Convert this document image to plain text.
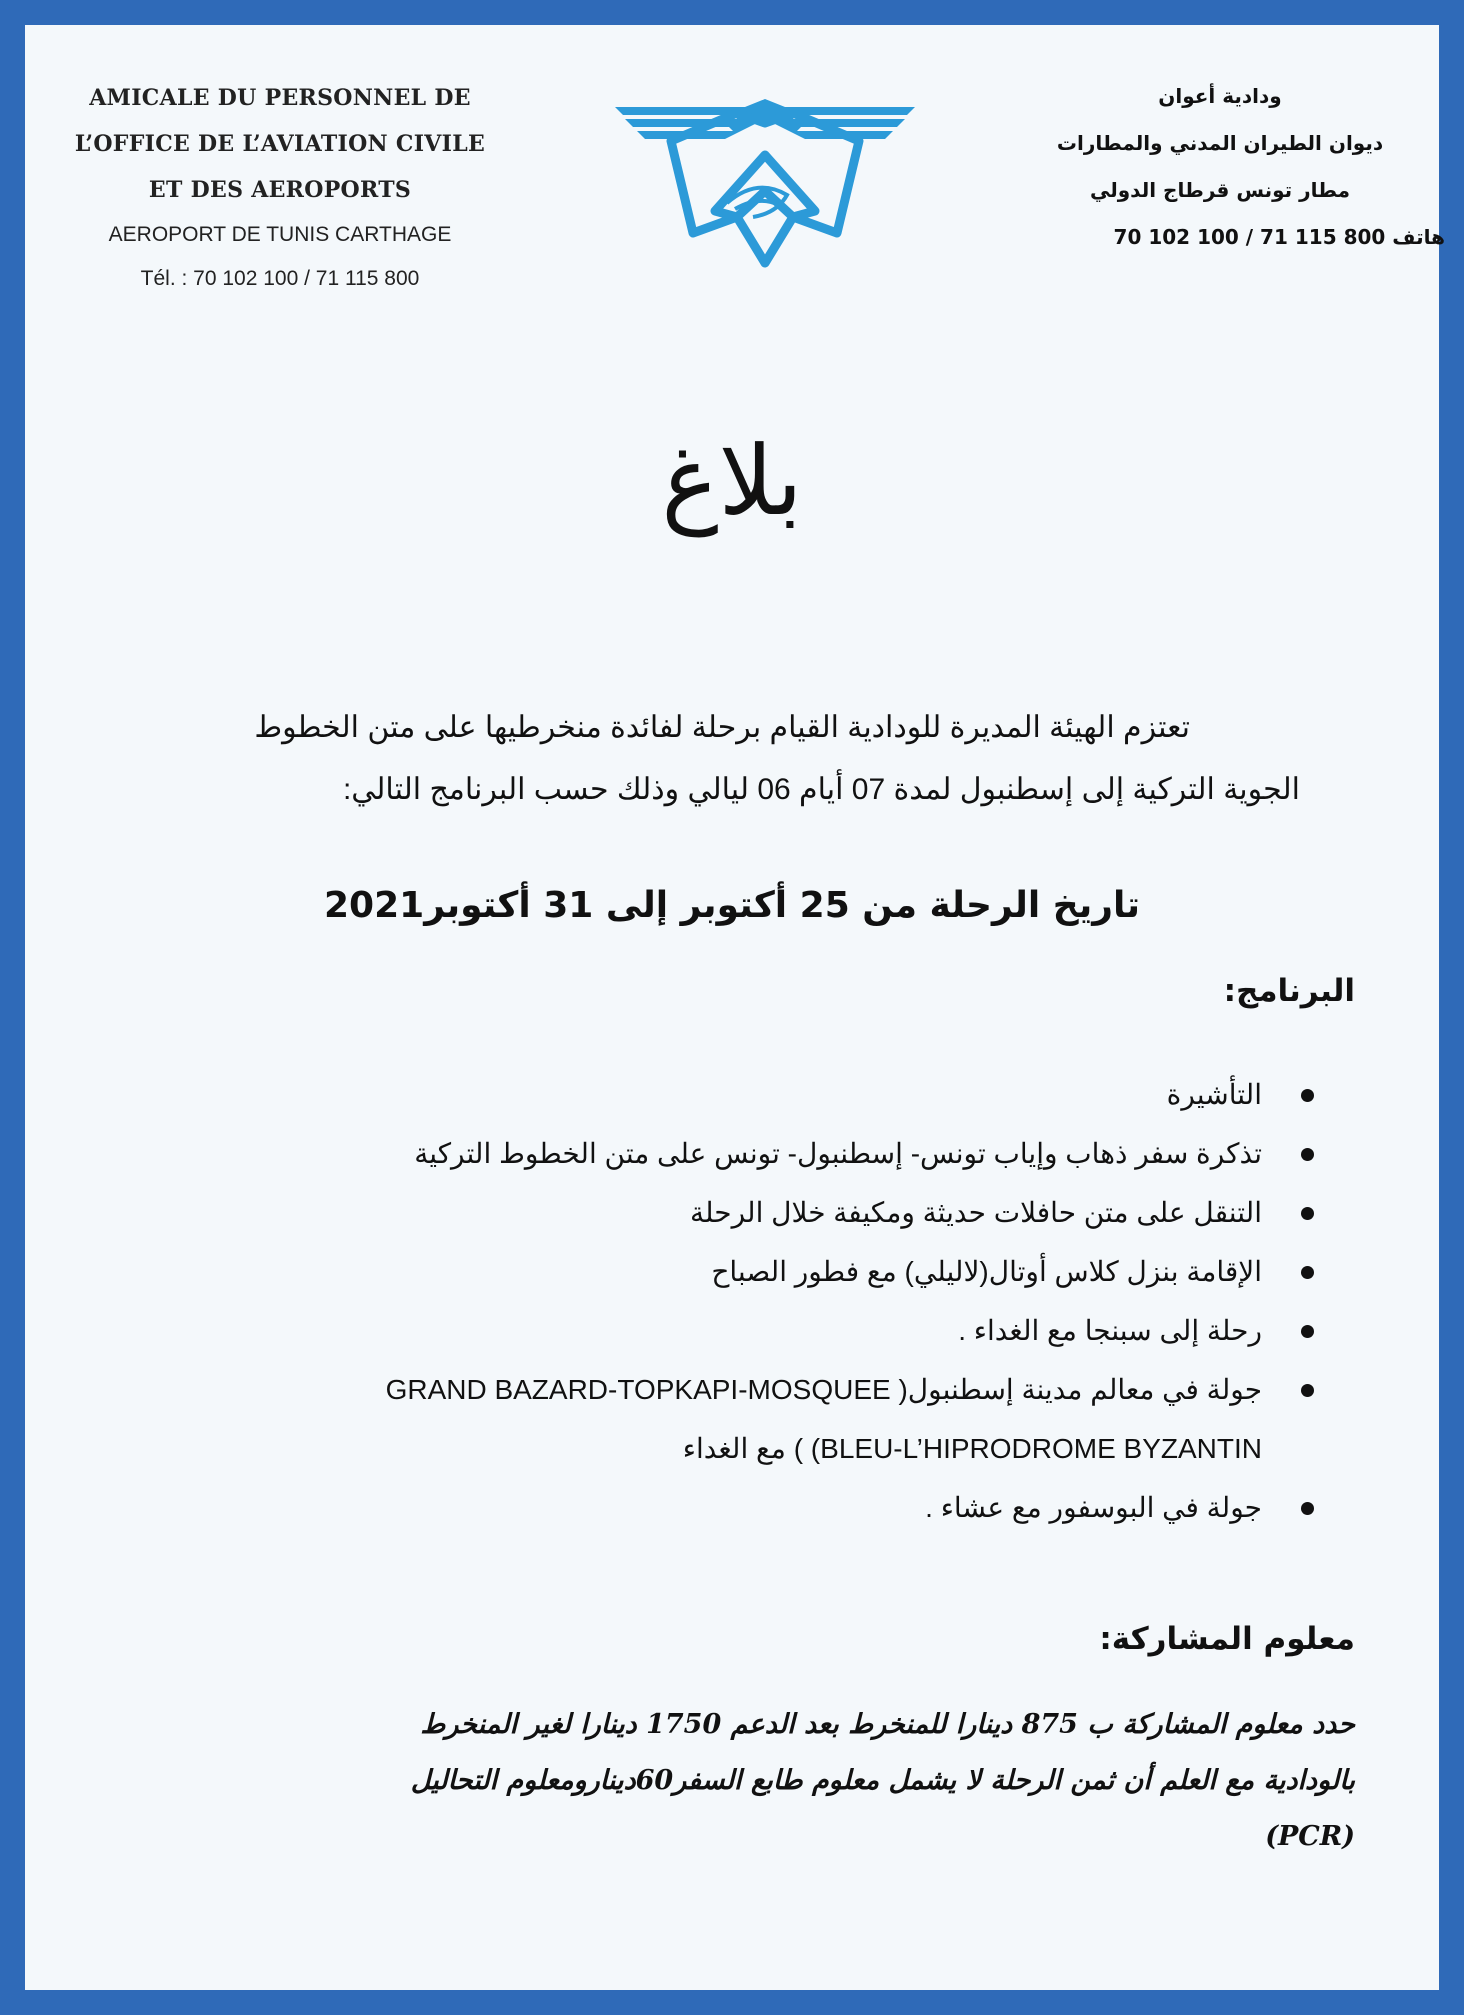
AMICALE DU PERSONNEL DE
L’OFFICE DE L’AVIATION CIVILE
ET DES AEROPORTS
AEROPORT DE TUNIS CARTHAGE
Tél. : 70 102 100 / 71 115 800
ودادية أعوان
ديوان الطيران المدني والمطارات
مطار تونس قرطاج الدولي
هاتف 800 115 71 / 100 102 70
بلاغ
تعتزم الهيئة المديرة للودادية القيام برحلة لفائدة منخرطيها على متن الخطوط
الجوية التركية إلى إسطنبول لمدة 07 أيام 06 ليالي وذلك حسب البرنامج التالي:
تاريخ الرحلة من 25 أكتوبر إلى 31 أكتوبر2021
البرنامج:
التأشيرة
تذكرة سفر ذهاب وإياب تونس- إسطنبول- تونس على متن الخطوط التركية
التنقل على متن حافلات حديثة ومكيفة خلال الرحلة
الإقامة بنزل كلاس أوتال(لاليلي) مع فطور الصباح
رحلة إلى سبنجا مع الغداء .
جولة في معالم مدينة إسطنبول( GRAND BAZARD-TOPKAPI-MOSQUEE
BLEU-L’HIPRODROME BYZANTIN) ) مع الغداء
جولة في البوسفور مع عشاء .
معلوم المشاركة:
حدد معلوم المشاركة ب 875 دينارا للمنخرط بعد الدعم 1750 دينارا لغير المنخرط
بالودادية مع العلم أن ثمن الرحلة لا يشمل معلوم طابع السفر60دينارومعلوم التحاليل
(PCR)
